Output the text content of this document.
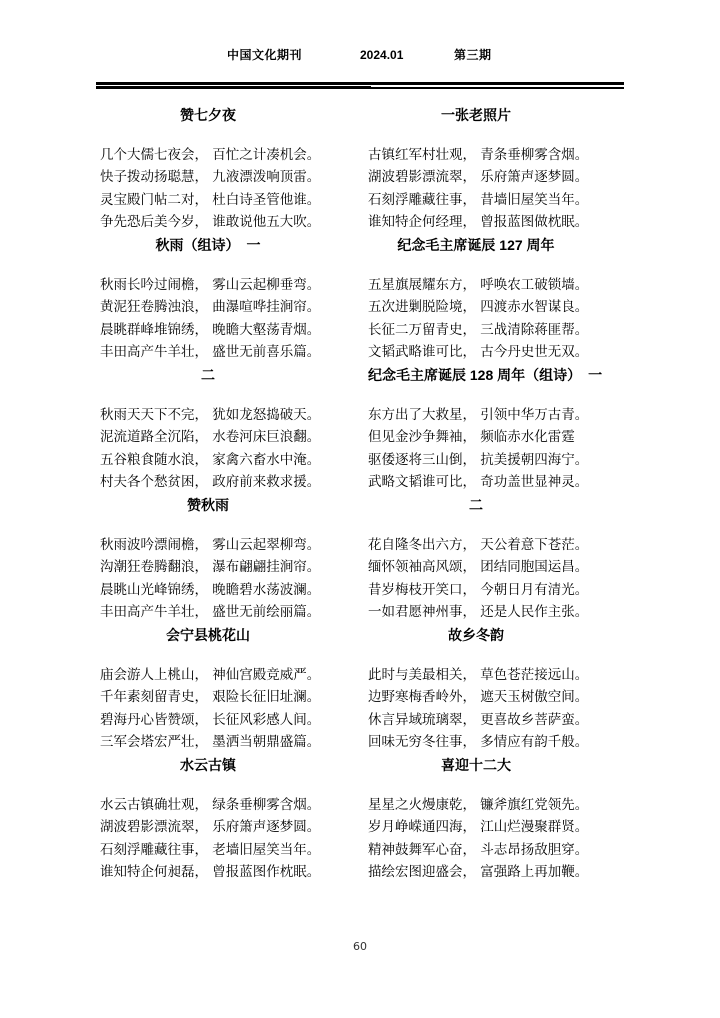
中国文化期刊	2024.01	第三期
赞七夕夜

几个大儒七夜会， 百忙之计凑机会。

快子拨动扬聪慧， 九液漂泼响顶雷。

灵宝殿门帖二对， 杜白诗圣管他谁。

争先恐后美今岁， 谁敢说他五大吹。

一张老照片

古镇红军村壮观， 青条垂柳雾含烟。

湖波碧影漂流翠， 乐府箫声逐梦圆。

石刻浮雕藏往事， 昔墙旧屋笑当年。

谁知特企何经理， 曾报蓝图做枕眠。

秋雨（组诗）　一

秋雨长吟过闹檐， 雾山云起柳垂弯。

黄泥狂卷腾浊浪， 曲瀑喧哗挂涧帘。

晨眺群峰堆锦绣， 晚瞻大壑荡青烟。

丰田高产牛羊壮， 盛世无前喜乐篇。

纪念毛主席诞辰 127 周年

五星旗展耀东方， 呼唤农工破锁墙。

五次进剿脱险境， 四渡赤水智谋良。

长征二万留青史， 三战清除蒋匪帮。

文韬武略谁可比， 古今丹史世无双。

二

秋雨天天下不完， 犹如龙怒捣破天。

泥流道路全沉陷， 水卷河床巨浪翻。

五谷粮食随水浪， 家禽六畜水中淹。

村夫各个愁贫困， 政府前来救求援。

纪念毛主席诞辰 128 周年（组诗）　一

东方出了大救星， 引领中华万古青。

但见金沙争舞袖， 频临赤水化雷霆

驱倭逐将三山倒， 抗美援朝四海宁。

武略文韬谁可比， 奇功盖世显神灵。

赞秋雨

秋雨波吟漂闹檐， 雾山云起翠柳弯。

沟潮狂卷腾翻浪， 瀑布翩翩挂涧帘。

晨眺山光峰锦绣， 晚瞻碧水荡波澜。

丰田高产牛羊壮， 盛世无前绘丽篇。

二

花自隆冬出六方， 天公着意下苍茫。

缅怀领袖高风颂， 团结同胞国运昌。

昔岁梅枝开笑口， 今朝日月有清光。

一如君愿神州事， 还是人民作主张。

会宁县桃花山

庙会游人上桃山， 神仙宫殿竞威严。

千年素刻留青史， 艰险长征旧址澜。

碧海丹心皆赞颂， 长征风彩感人间。

三军会塔宏严壮， 墨洒当朝鼎盛篇。

故乡冬韵

此时与美最相关， 草色苍茫接远山。

边野寒梅香岭外， 遮天玉树傲空间。

休言异域琉璃翠， 更喜故乡菩萨蛮。

回味无穷冬往事， 多情应有韵千般。

水云古镇

水云古镇确壮观， 绿条垂柳雾含烟。

湖波碧影漂流翠， 乐府箫声逐梦圆。

石刻浮雕藏往事， 老墙旧屋笑当年。

谁知特企何昶磊， 曾报蓝图作枕眠。

喜迎十二大

星星之火熳康乾， 镰斧旗红党领先。

岁月峥嵘通四海， 江山烂漫聚群贤。

精神鼓舞军心奋， 斗志昂扬敌胆穿。

描绘宏图迎盛会， 富强路上再加鞭。

60
